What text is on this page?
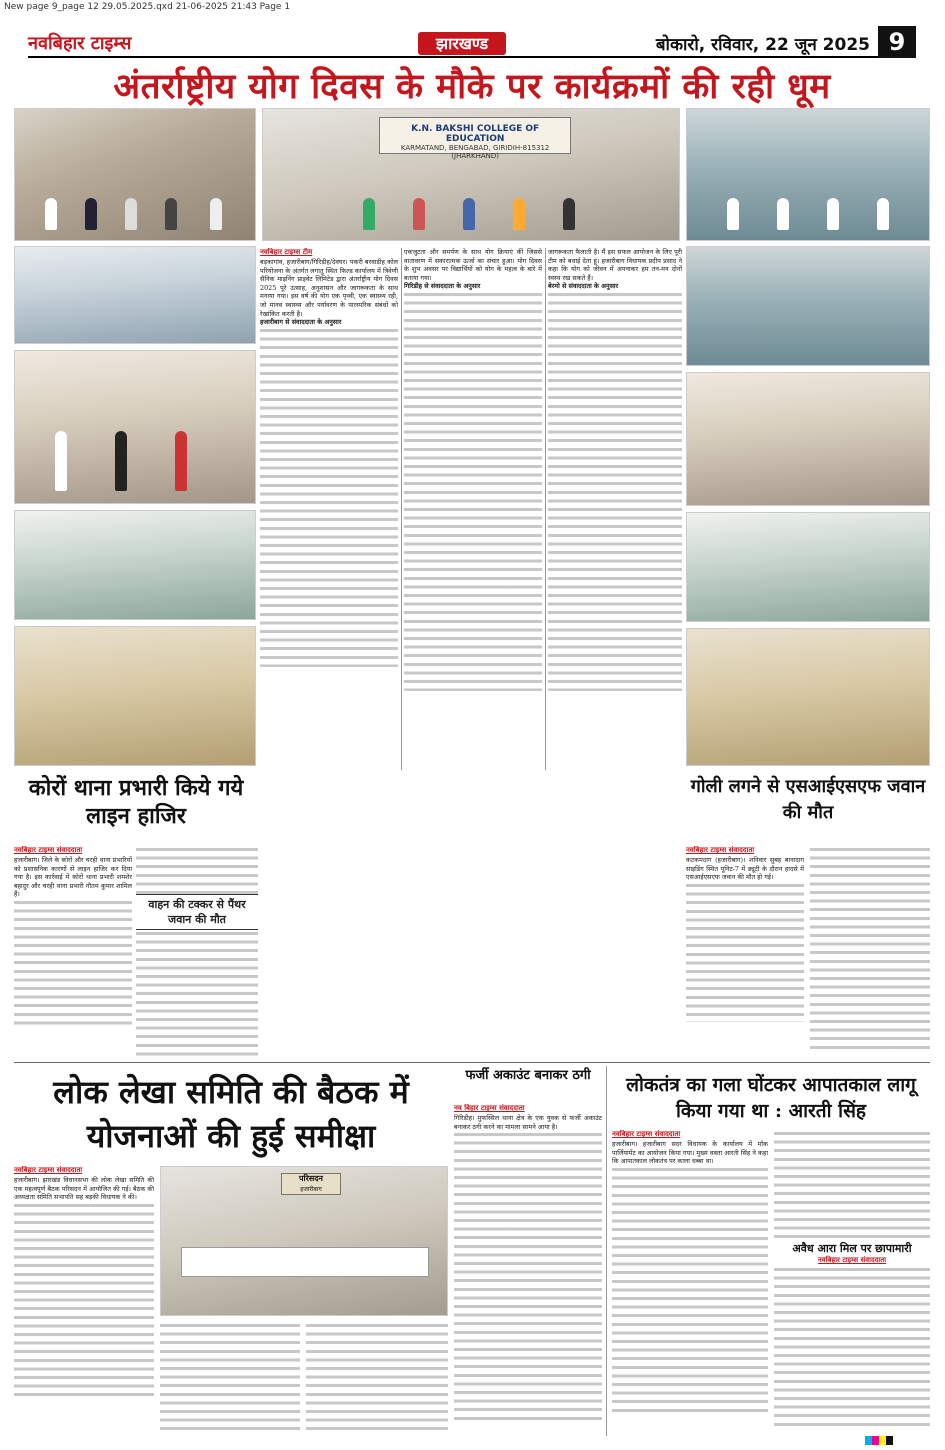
New page 9_page 12 29.05.2025.qxd 21-06-2025 21:43 Page 1
नवबिहार टाइम्स	झारखण्ड	बोकारो, रविवार, 22 जून 2025 9
अंतर्राष्ट्रीय योग दिवस के मौके पर कार्यक्रमों की रही धूम
K.N. BAKSHI COLLEGE OF EDUCATION
KARMATAND, BENGABAD, GIRIDIH-815312 (JHARKHAND)
नवबिहार टाइम्स टीम

बड़कागांव, हजारीबाग/गिरिडीह/देवघर। पकरी बरवाडीह कोल परियोजना के अंतर्गत लगातु स्थित फिल्ड कार्यालय में त्रिवेणी सैनिक माइनिंग प्राइवेट लिमिटेड द्वारा अंतर्राष्ट्रीय योग दिवस 2025 पूरे उत्साह, अनुशासन और जागरूकता के साथ मनाया गया। इस वर्ष की योग एक पृथ्वी, एक स्वास्थ्य रही, जो मानव स्वास्थ्य और पर्यावरण के पारस्परिक संबंधों को रेखांकित करती है।

हजारीबाग से संवाददाता के अनुसार

एकजुटता और समर्पण के साथ योग क्रियाएं कीं जिससे वातावरण में सकारात्मक ऊर्जा का संचार हुआ। योग दिवस के शुभ अवसर पर विद्यार्थियों को योग के महत्व के बारे में बताया गया।

गिरिडीह से संवाददाता के अनुसार

जागरूकता फैलाती है। मैं इस सफल आयोजन के लिए पूरी टीम को बधाई देता हूं। हजारीबाग विधायक प्रदीप प्रसाद ने कहा कि योग को जीवन में अपनाकर हम तन-मन दोनों स्वस्थ रख सकते हैं।

बेरमो से संवाददाता के अनुसार

कोरों थाना प्रभारी किये गये लाइन हाजिर
नवबिहार टाइम्स संवाददाता

हजारीबाग। जिले के कोरों और चरही थाना प्रभारियों को प्रशासनिक कारणों से लाइन हाजिर कर दिया गया है। इस कार्रवाई में कोरों थाना प्रभारी शमशेर बहादुर और चरही थाना प्रभारी गौतम कुमार शामिल हैं।

वाहन की टक्कर से पैंथर जवान की मौत
गोली लगने से एसआईएसएफ जवान की मौत
नवबिहार टाइम्स संवाददाता

कटकमदाग (हजारीबाग)। शनिवार सुबह बानादाग साइडिंग स्थित यूनिट-7 में ड्यूटी के दौरान हादसे में एसआईएसएफ जवान की मौत हो गई।

लोक लेखा समिति की बैठक में योजनाओं की हुई समीक्षा
नवबिहार टाइम्स संवाददाता

हजारीबाग। झारखंड विधानसभा की लोक लेखा समिति की एक महत्वपूर्ण बैठक परिसदन में आयोजित की गई। बैठक की अध्यक्षता समिति सभापति सह बड़की विधायक ने की।

परिसदन
हजारीबाग
फर्जी अकाउंट बनाकर ठगी
नव बिहार टाइम्स संवाददाता

गिरिडीह। मुफस्सिल थाना क्षेत्र के एक युवक से फर्जी अकाउंट बनाकर ठगी करने का मामला सामने आया है।

लोकतंत्र का गला घोंटकर आपातकाल लागू किया गया था : आरती सिंह
नवबिहार टाइम्स संवाददाता

हजारीबाग। हजारीबाग सदर विधायक के कार्यालय में मॉक पार्लियामेंट का आयोजन किया गया। मुख्य वक्ता आरती सिंह ने कहा कि आपातकाल लोकतंत्र पर काला धब्बा था।

अवैध आरा मिल पर छापामारी
नवबिहार टाइम्स संवाददाता
